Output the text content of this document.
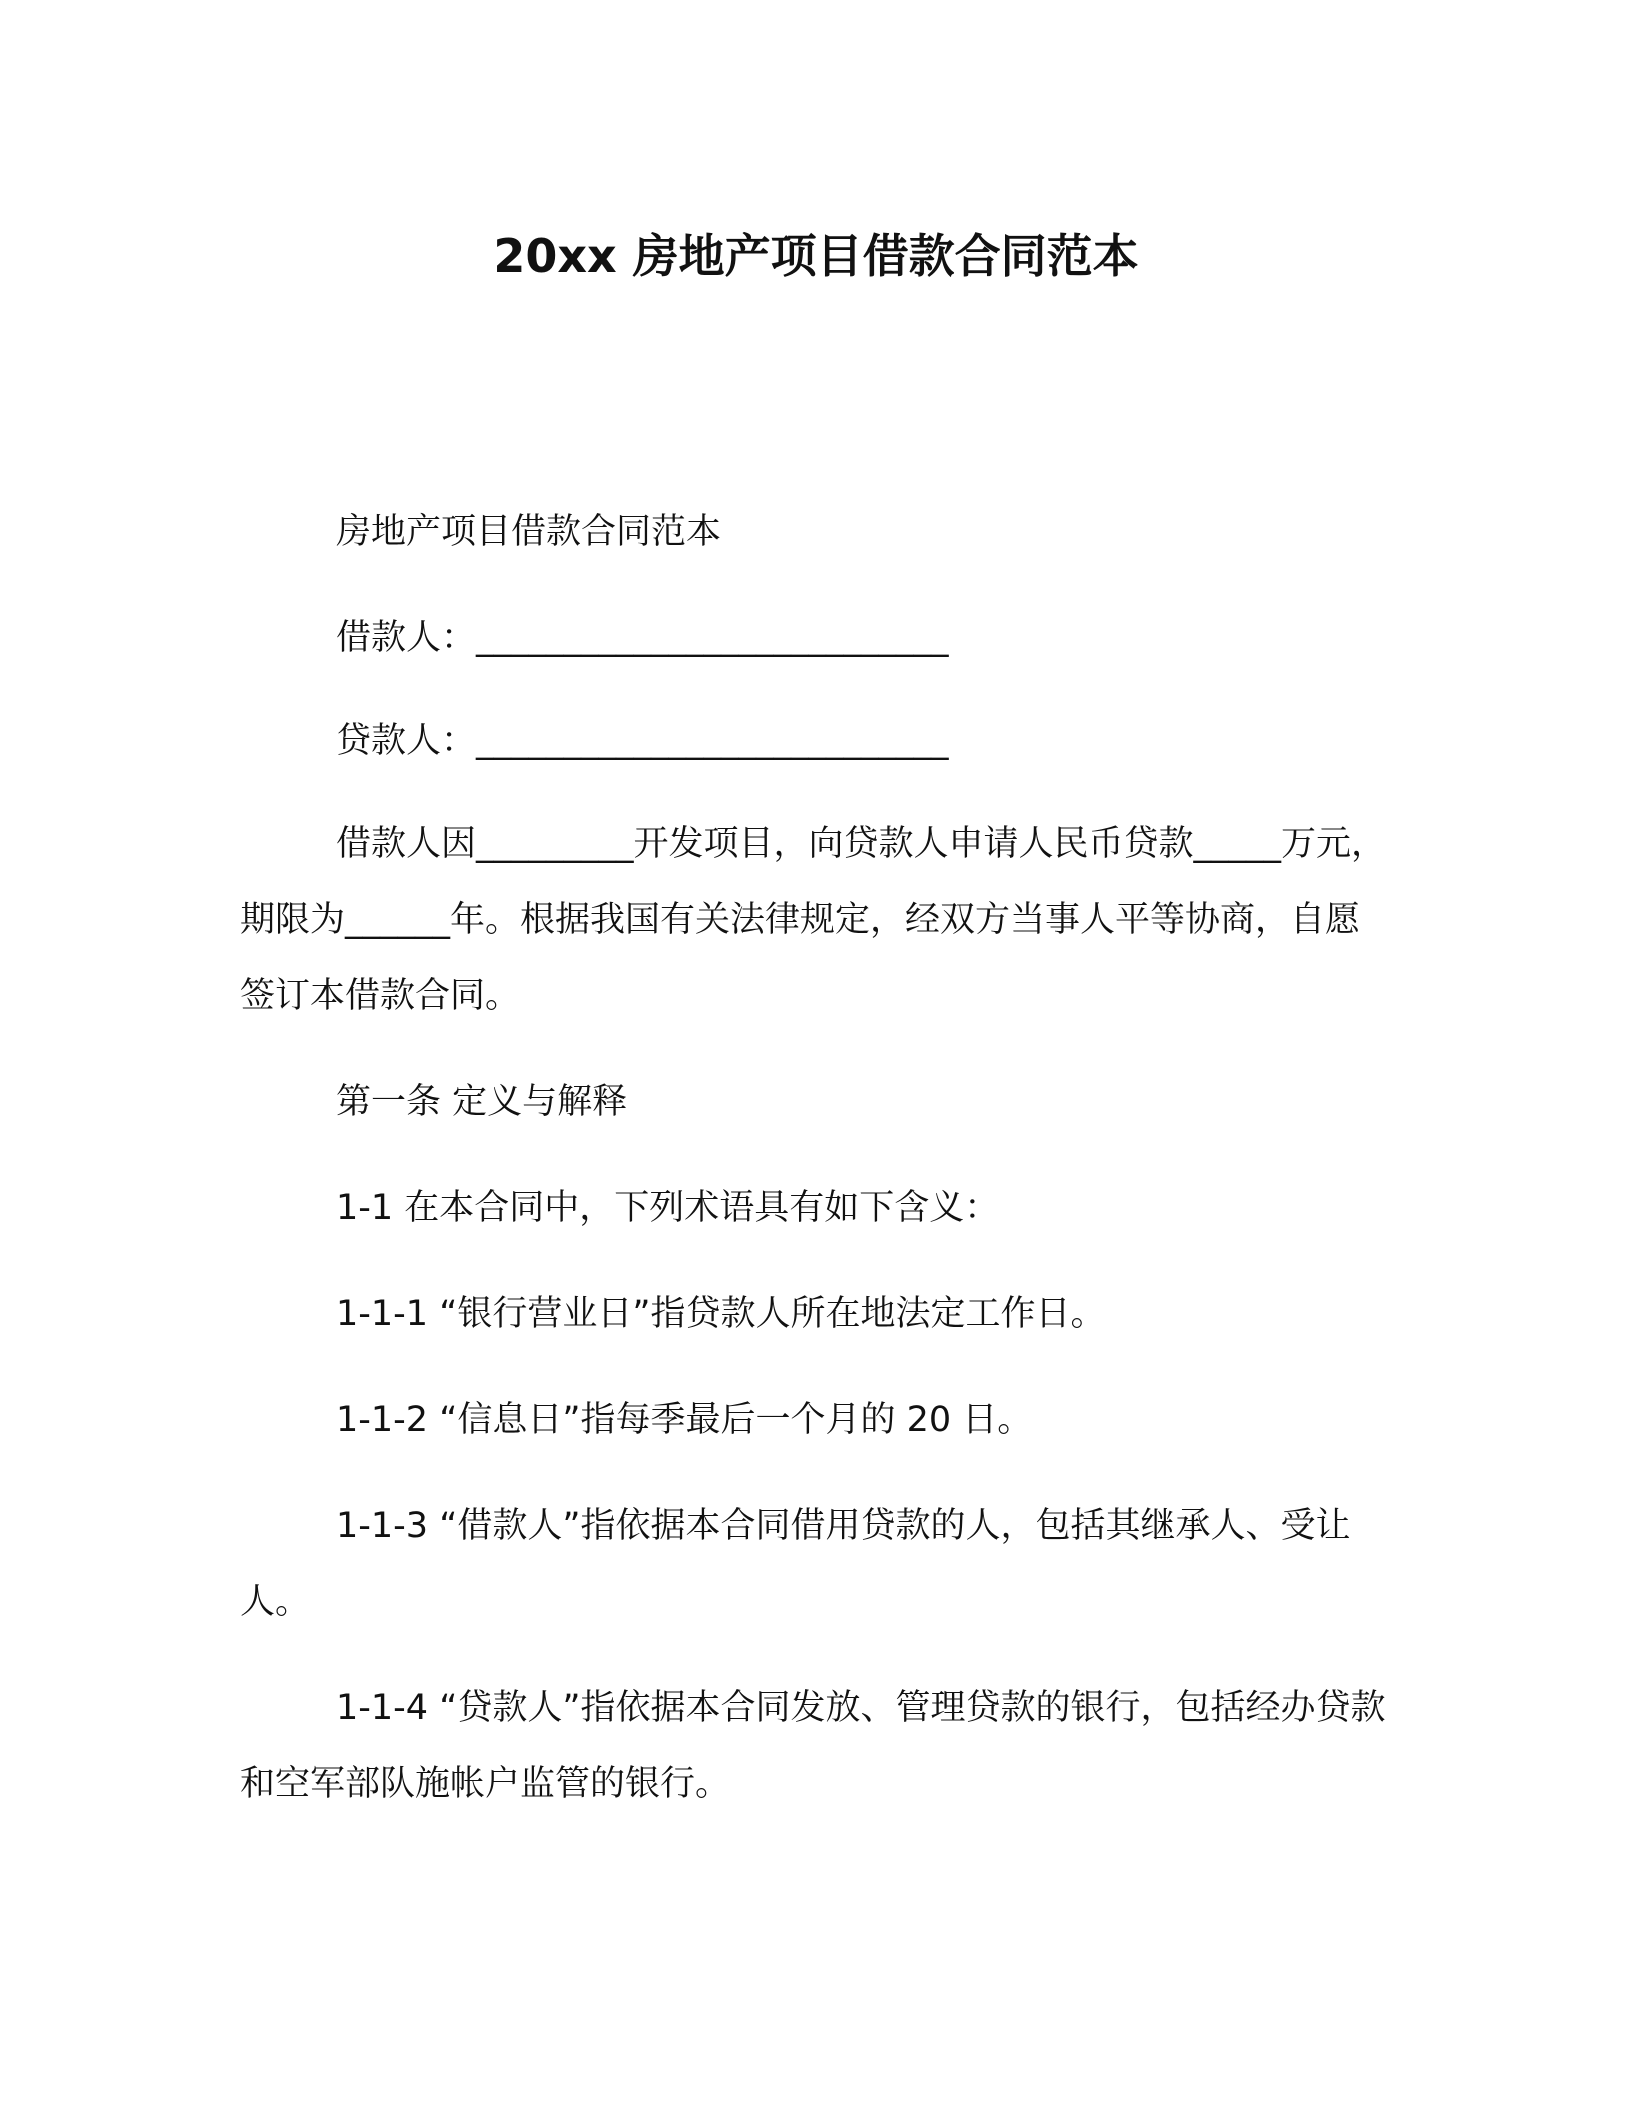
20xx 房地产项目借款合同范本

房地产项目借款合同范本

借款人：___________________________

贷款人：___________________________

借款人因_________开发项目，向贷款人申请人民币贷款_____万元，期限为______年。根据我国有关法律规定，经双方当事人平等协商，自愿签订本借款合同。

第一条 定义与解释

1-1 在本合同中，下列术语具有如下含义：

1-1-1 “银行营业日”指贷款人所在地法定工作日。

1-1-2 “信息日”指每季最后一个月的 20 日。

1-1-3 “借款人”指依据本合同借用贷款的人，包括其继承人、受让人。

1-1-4 “贷款人”指依据本合同发放、管理贷款的银行，包括经办贷款和空军部队施帐户监管的银行。
